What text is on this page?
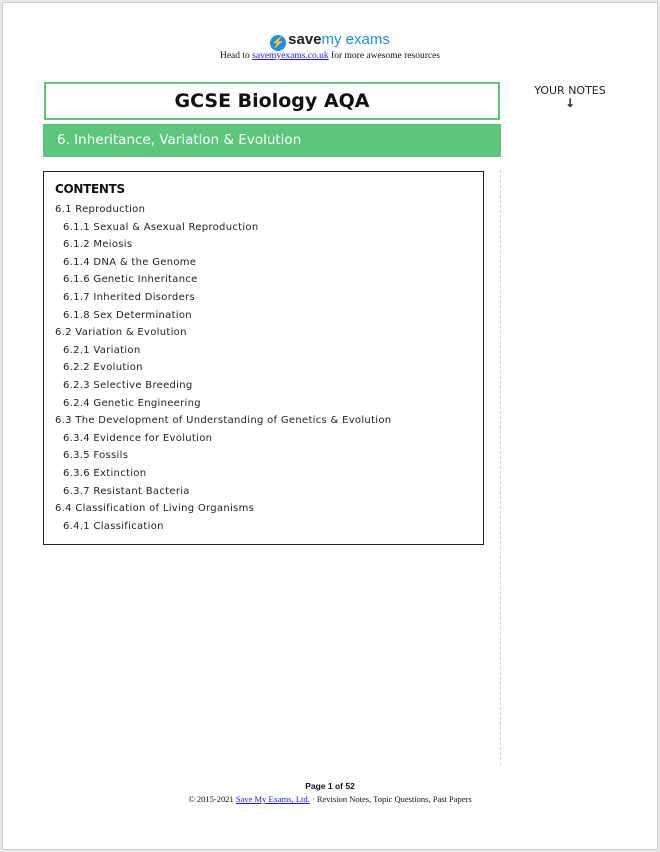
⚡ savemy exams
Head to savemyexams.co.uk for more awesome resources
GCSE Biology AQA
6. Inheritance, Variation & Evolution
YOUR NOTES
↓
CONTENTS
6.1 Reproduction
6.1.1 Sexual & Asexual Reproduction
6.1.2 Meiosis
6.1.4 DNA & the Genome
6.1.6 Genetic Inheritance
6.1.7 Inherited Disorders
6.1.8 Sex Determination
6.2 Variation & Evolution
6.2.1 Variation
6.2.2 Evolution
6.2.3 Selective Breeding
6.2.4 Genetic Engineering
6.3 The Development of Understanding of Genetics & Evolution
6.3.4 Evidence for Evolution
6.3.5 Fossils
6.3.6 Extinction
6.3.7 Resistant Bacteria
6.4 Classification of Living Organisms
6.4.1 Classification
Page 1 of 52
© 2015-2021 Save My Exams, Ltd. · Revision Notes, Topic Questions, Past Papers
